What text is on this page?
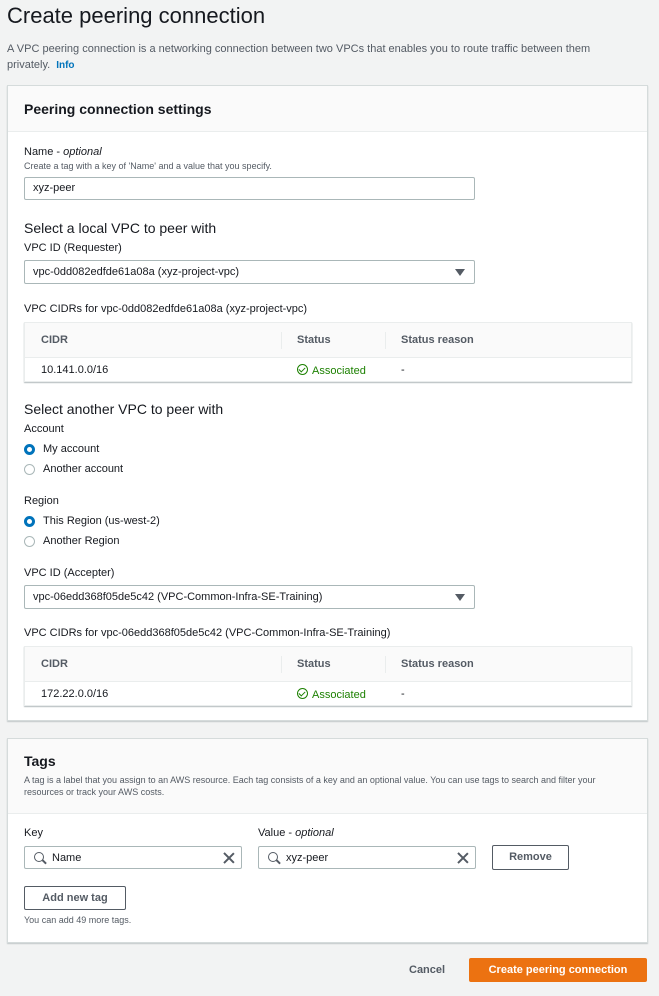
Create peering connection

A VPC peering connection is a networking connection between two VPCs that enables you to route traffic between them privately. Info

Peering connection settings
Name - optional
Create a tag with a key of 'Name' and a value that you specify.
xyz-peer
Select a local VPC to peer with
VPC ID (Requester)
vpc-0dd082edfde61a08a (xyz-project-vpc)
VPC CIDRs for vpc-0dd082edfde61a08a (xyz-project-vpc)
CIDR	Status	Status reason
10.141.0.0/16	Associated	-
Select another VPC to peer with
Account
My account
Another account
Region
This Region (us-west-2)
Another Region
VPC ID (Accepter)
vpc-06edd368f05de5c42 (VPC-Common-Infra-SE-Training)
VPC CIDRs for vpc-06edd368f05de5c42 (VPC-Common-Infra-SE-Training)
CIDR	Status	Status reason
172.22.0.0/16	Associated	-
Tags
A tag is a label that you assign to an AWS resource. Each tag consists of a key and an optional value. You can use tags to search and filter your resources or track your AWS costs.
Key	Value - optional
Name	xyz-peer	Remove
Add new tag
You can add 49 more tags.
Cancel	Create peering connection
